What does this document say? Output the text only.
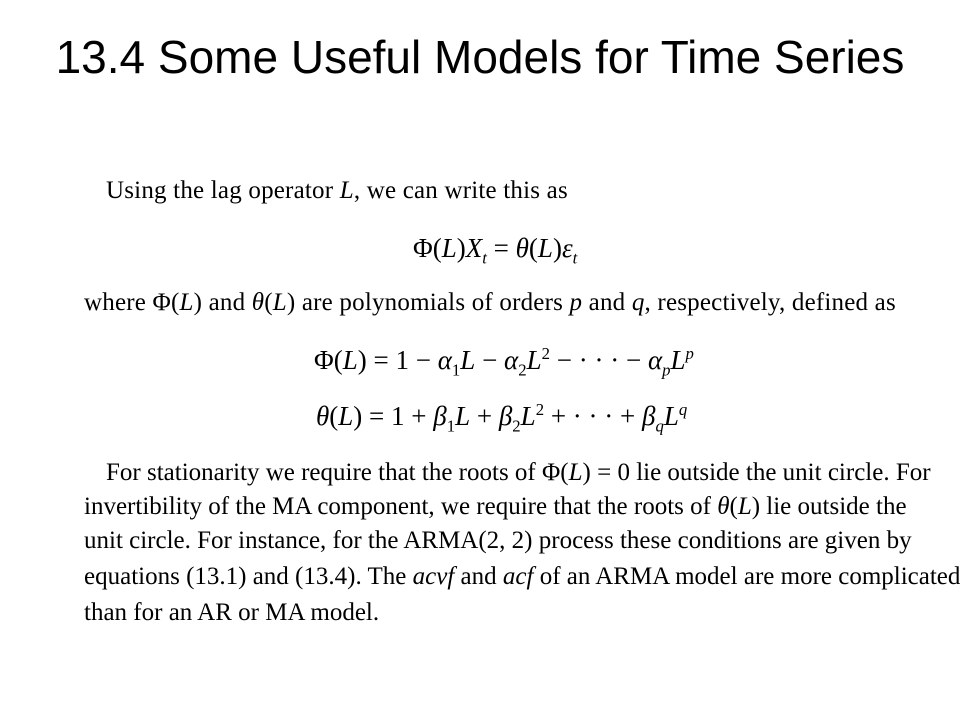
13.4 Some Useful Models for Time Series
Using the lag operator L, we can write this as
$\Phi(L)X_t = \theta(L)\varepsilon_t$
where Φ(L) and θ(L) are polynomials of orders p and q, respectively, defined as
$\Phi(L) = 1 - \alpha_1L - \alpha_2L^2$ − · · · − $\alpha_pL^p$
$\theta(L) = 1 + \beta_1L + \beta_2L^2$ + · · · + $\beta_qL^q$
For stationarity we require that the roots of Φ(L) = 0 lie outside the unit circle. For
invertibility of the MA component, we require that the roots of θ(L) lie outside the
unit circle. For instance, for the ARMA(2, 2) process these conditions are given by
equations (13.1) and (13.4). The acvf and acf of an ARMA model are more complicated
than for an AR or MA model.
